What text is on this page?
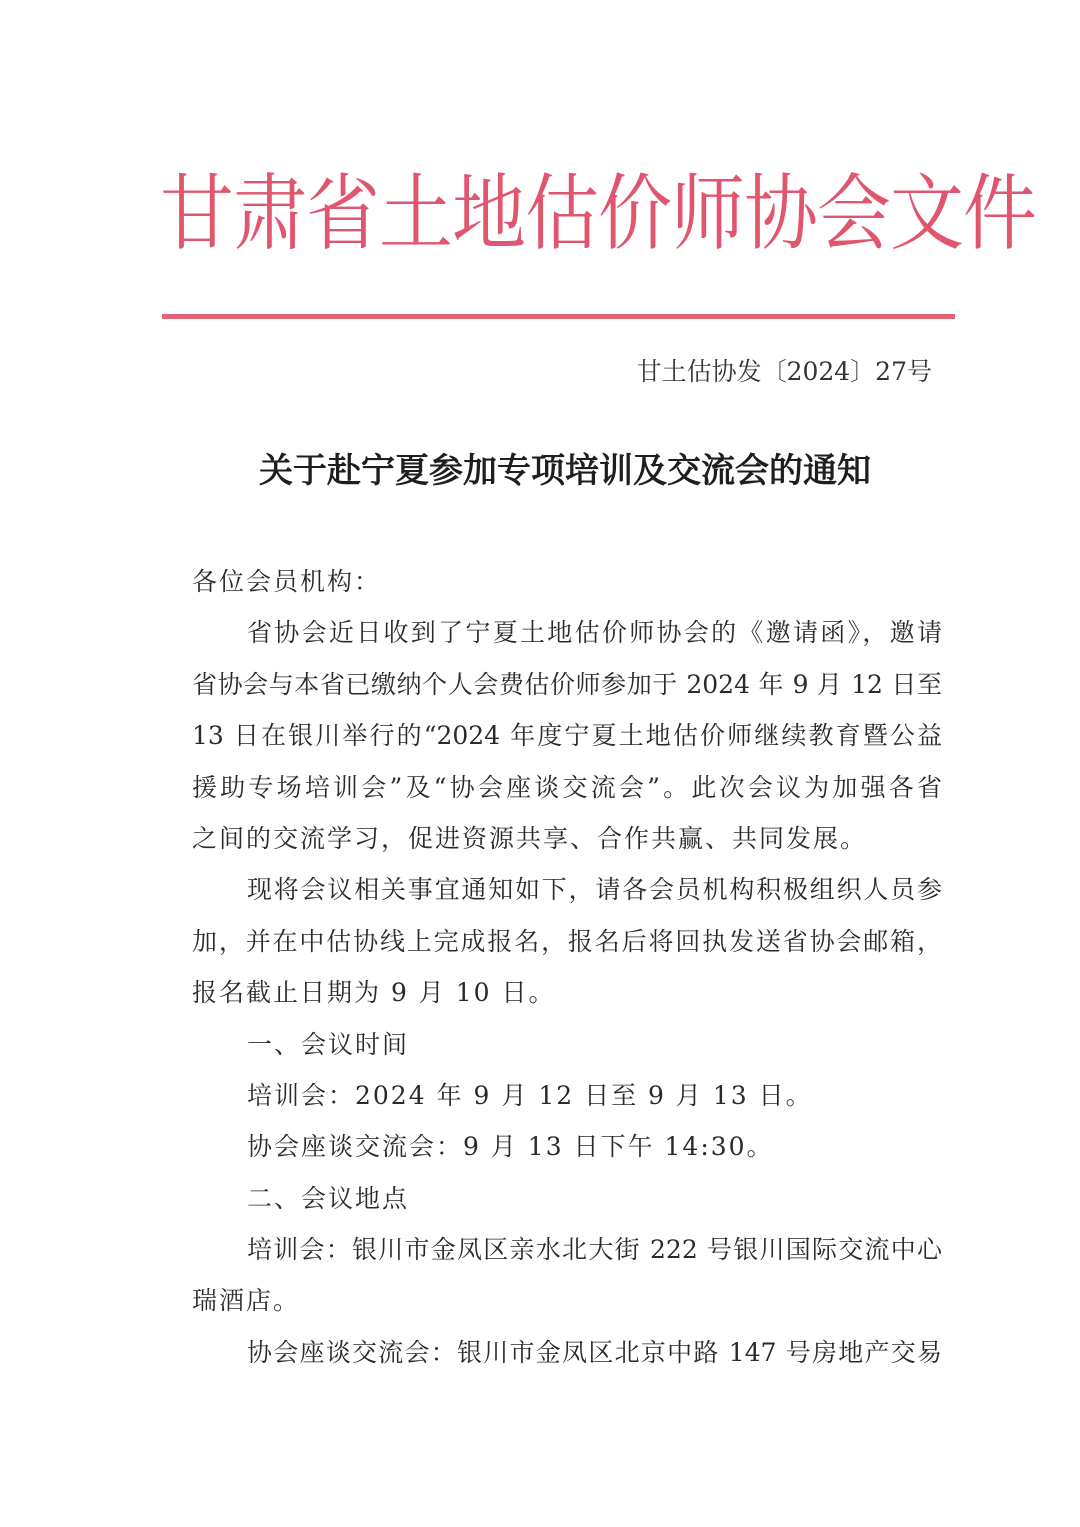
甘肃省土地估价师协会文件
甘土估协发〔2024〕27号
关于赴宁夏参加专项培训及交流会的通知
各位会员机构：
省协会近日收到了宁夏土地估价师协会的《邀请函》，邀请
省协会与本省已缴纳个人会费估价师参加于 2024 年 9 月 12 日至
13 日在银川举行的“2024 年度宁夏土地估价师继续教育暨公益
援助专场培训会”及“协会座谈交流会”。此次会议为加强各省
之间的交流学习，促进资源共享、合作共赢、共同发展。
现将会议相关事宜通知如下，请各会员机构积极组织人员参
加，并在中估协线上完成报名，报名后将回执发送省协会邮箱，
报名截止日期为 9 月 10 日。
一、会议时间
培训会：2024 年 9 月 12 日至 9 月 13 日。
协会座谈交流会：9 月 13 日下午 14:30。
二、会议地点
培训会：银川市金凤区亲水北大街 222 号银川国际交流中心
瑞酒店。
协会座谈交流会：银川市金凤区北京中路 147 号房地产交易
